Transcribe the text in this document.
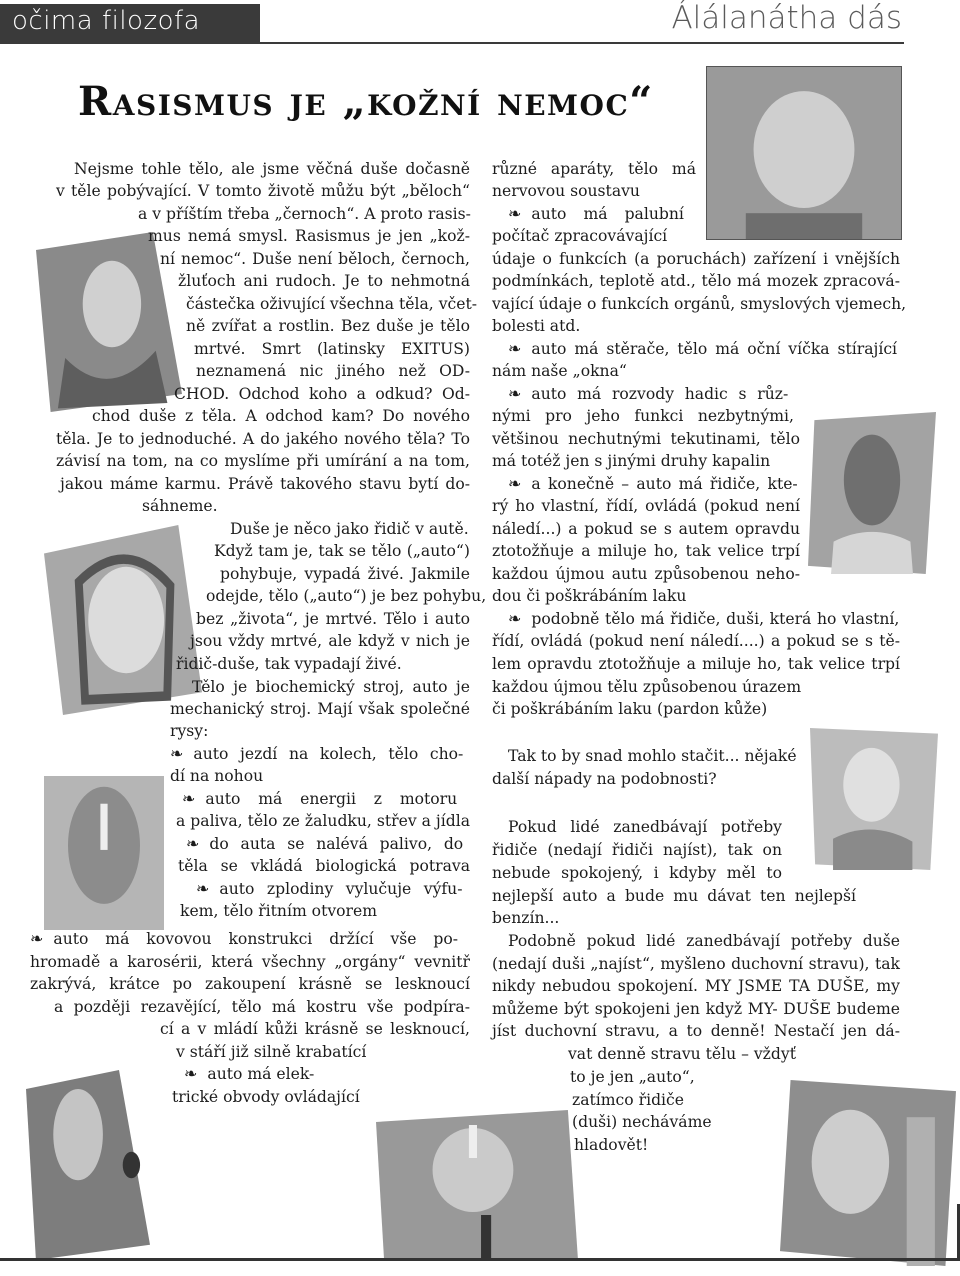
očima filozofa	Álálanátha dás
Rasismus je „kožní nemoc“
Nejsme tohle tělo, ale jsme věčná duše dočasně
v těle pobývající. V tomto životě můžu být „běloch“
a v příštím třeba „černoch“. A proto rasis-
mus nemá smysl. Rasismus je jen „kož-
ní nemoc“. Duše není běloch, černoch,
žluťoch ani rudoch. Je to nehmotná
částečka oživující všechna těla, včet-
ně zvířat a rostlin. Bez duše je tělo
mrtvé. Smrt (latinsky EXITUS)
neznamená nic jiného než OD-
CHOD. Odchod koho a odkud? Od-
chod duše z těla. A odchod kam? Do nového
těla. Je to jednoduché. A do jakého nového těla? To
závisí na tom, na co myslíme při umírání a na tom,
jakou máme karmu. Právě takového stavu bytí do-
sáhneme.
Duše je něco jako řidič v autě.
Když tam je, tak se tělo („auto“)
pohybuje, vypadá živé. Jakmile
odejde, tělo („auto“) je bez pohybu,
bez „života“, je mrtvé. Tělo i auto
jsou vždy mrtvé, ale když v nich je
řidič-duše, tak vypadají živé.
Tělo je biochemický stroj, auto je
mechanický stroj. Mají však společné
rysy:
❧ auto jezdí na kolech, tělo cho-
dí na nohou
❧ auto má energii z motoru
a paliva, tělo ze žaludku, střev a jídla
❧ do auta se nalévá palivo, do
těla se vkládá biologická potrava
❧ auto zplodiny vylučuje výfu-
kem, tělo řitním otvorem
❧ auto má kovovou konstrukci držící vše po-
hromadě a karosérii, která všechny „orgány“ vevnitř
zakrývá, krátce po zakoupení krásně se lesknoucí
a později rezavějící, tělo má kostru vše podpíra-
cí a v mládí kůži krásně se lesknoucí,
v stáří již silně krabatící
❧ auto má elek-
trické obvody ovládající
různé aparáty, tělo má
nervovou soustavu
❧ auto má palubní
počítač zpracovávající
údaje o funkcích (a poruchách) zařízení i vnějších
podmínkách, teplotě atd., tělo má mozek zpracová-
vající údaje o funkcích orgánů, smyslových vjemech,
bolesti atd.
❧ auto má stěrače, tělo má oční víčka stírající
nám naše „okna“
❧ auto má rozvody hadic s růz-
nými pro jeho funkci nezbytnými,
většinou nechutnými tekutinami, tělo
má totéž jen s jinými druhy kapalin
❧ a konečně – auto má řidiče, kte-
rý ho vlastní, řídí, ovládá (pokud není
náledí...) a pokud se s autem opravdu
ztotožňuje a miluje ho, tak velice trpí
každou újmou autu způsobenou neho-
dou či poškrábáním laku
❧ podobně tělo má řidiče, duši, která ho vlastní,
řídí, ovládá (pokud není náledí....) a pokud se s tě-
lem opravdu ztotožňuje a miluje ho, tak velice trpí
každou újmou tělu způsobenou úrazem
či poškrábáním laku (pardon kůže)
Tak to by snad mohlo stačit... nějaké
další nápady na podobnosti?
Pokud lidé zanedbávají potřeby
řidiče (nedají řidiči najíst), tak on
nebude spokojený, i kdyby měl to
nejlepší auto a bude mu dávat ten nejlepší
benzín...
Podobně pokud lidé zanedbávají potřeby duše
(nedají duši „najíst“, myšleno duchovní stravu), tak
nikdy nebudou spokojení. MY JSME TA DUŠE, my
můžeme být spokojeni jen když MY- DUŠE budeme
jíst duchovní stravu, a to denně! Nestačí jen dá-
vat denně stravu tělu – vždyť
to je jen „auto“,
zatímco řidiče
(duši) necháváme
hladovět!
